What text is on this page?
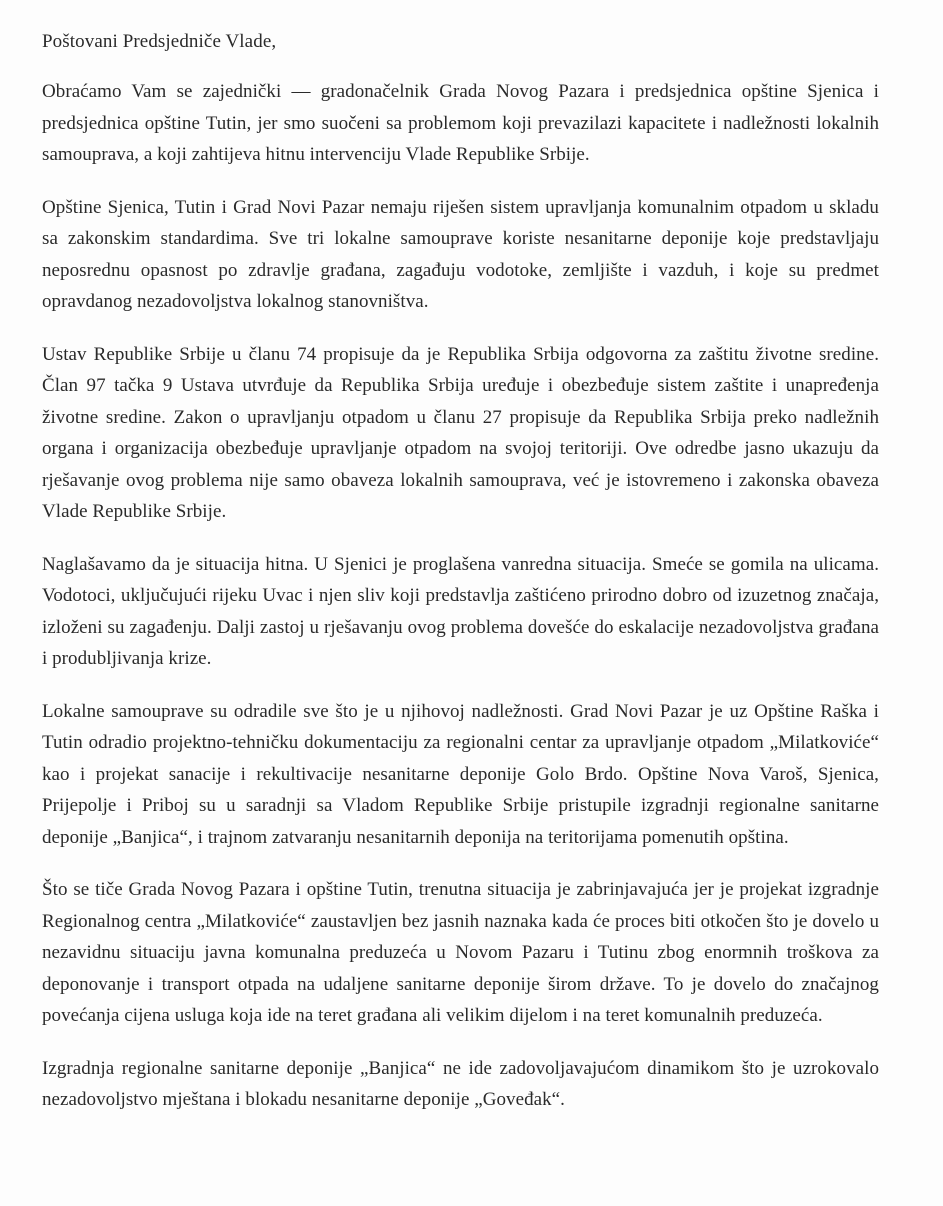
Poštovani Predsjedniče Vlade,

Obraćamo Vam se zajednički — gradonačelnik Grada Novog Pazara i predsjednica opštine Sjenica i predsjednica opštine Tutin, jer smo suočeni sa problemom koji prevazilazi kapacitete i nadležnosti lokalnih samouprava, a koji zahtijeva hitnu intervenciju Vlade Republike Srbije.

Opštine Sjenica, Tutin i Grad Novi Pazar nemaju riješen sistem upravljanja komunalnim otpadom u skladu sa zakonskim standardima. Sve tri lokalne samouprave koriste nesanitarne deponije koje predstavljaju neposrednu opasnost po zdravlje građana, zagađuju vodotoke, zemljište i vazduh, i koje su predmet opravdanog nezadovoljstva lokalnog stanovništva.

Ustav Republike Srbije u članu 74 propisuje da je Republika Srbija odgovorna za zaštitu životne sredine. Član 97 tačka 9 Ustava utvrđuje da Republika Srbija uređuje i obezbeđuje sistem zaštite i unapređenja životne sredine. Zakon o upravljanju otpadom u članu 27 propisuje da Republika Srbija preko nadležnih organa i organizacija obezbeđuje upravljanje otpadom na svojoj teritoriji. Ove odredbe jasno ukazuju da rješavanje ovog problema nije samo obaveza lokalnih samouprava, već je istovremeno i zakonska obaveza Vlade Republike Srbije.

Naglašavamo da je situacija hitna. U Sjenici je proglašena vanredna situacija. Smeće se gomila na ulicama. Vodotoci, uključujući rijeku Uvac i njen sliv koji predstavlja zaštićeno prirodno dobro od izuzetnog značaja, izloženi su zagađenju. Dalji zastoj u rješavanju ovog problema dovešće do eskalacije nezadovoljstva građana i produbljivanja krize.

Lokalne samouprave su odradile sve što je u njihovoj nadležnosti. Grad Novi Pazar je uz Opštine Raška i Tutin odradio projektno-tehničku dokumentaciju za regionalni centar za upravljanje otpadom „Milatkoviće“ kao i projekat sanacije i rekultivacije nesanitarne deponije Golo Brdo. Opštine Nova Varoš, Sjenica, Prijepolje i Priboj su u saradnji sa Vladom Republike Srbije pristupile izgradnji regionalne sanitarne deponije „Banjica“, i trajnom zatvaranju nesanitarnih deponija na teritorijama pomenutih opština.

Što se tiče Grada Novog Pazara i opštine Tutin, trenutna situacija je zabrinjavajuća jer je projekat izgradnje Regionalnog centra „Milatkoviće“ zaustavljen bez jasnih naznaka kada će proces biti otkočen što je dovelo u nezavidnu situaciju javna komunalna preduzeća u Novom Pazaru i Tutinu zbog enormnih troškova za deponovanje i transport otpada na udaljene sanitarne deponije širom države. To je dovelo do značajnog povećanja cijena usluga koja ide na teret građana ali velikim dijelom i na teret komunalnih preduzeća.

Izgradnja regionalne sanitarne deponije „Banjica“ ne ide zadovoljavajućom dinamikom što je uzrokovalo nezadovoljstvo mještana i blokadu nesanitarne deponije „Goveđak“.
